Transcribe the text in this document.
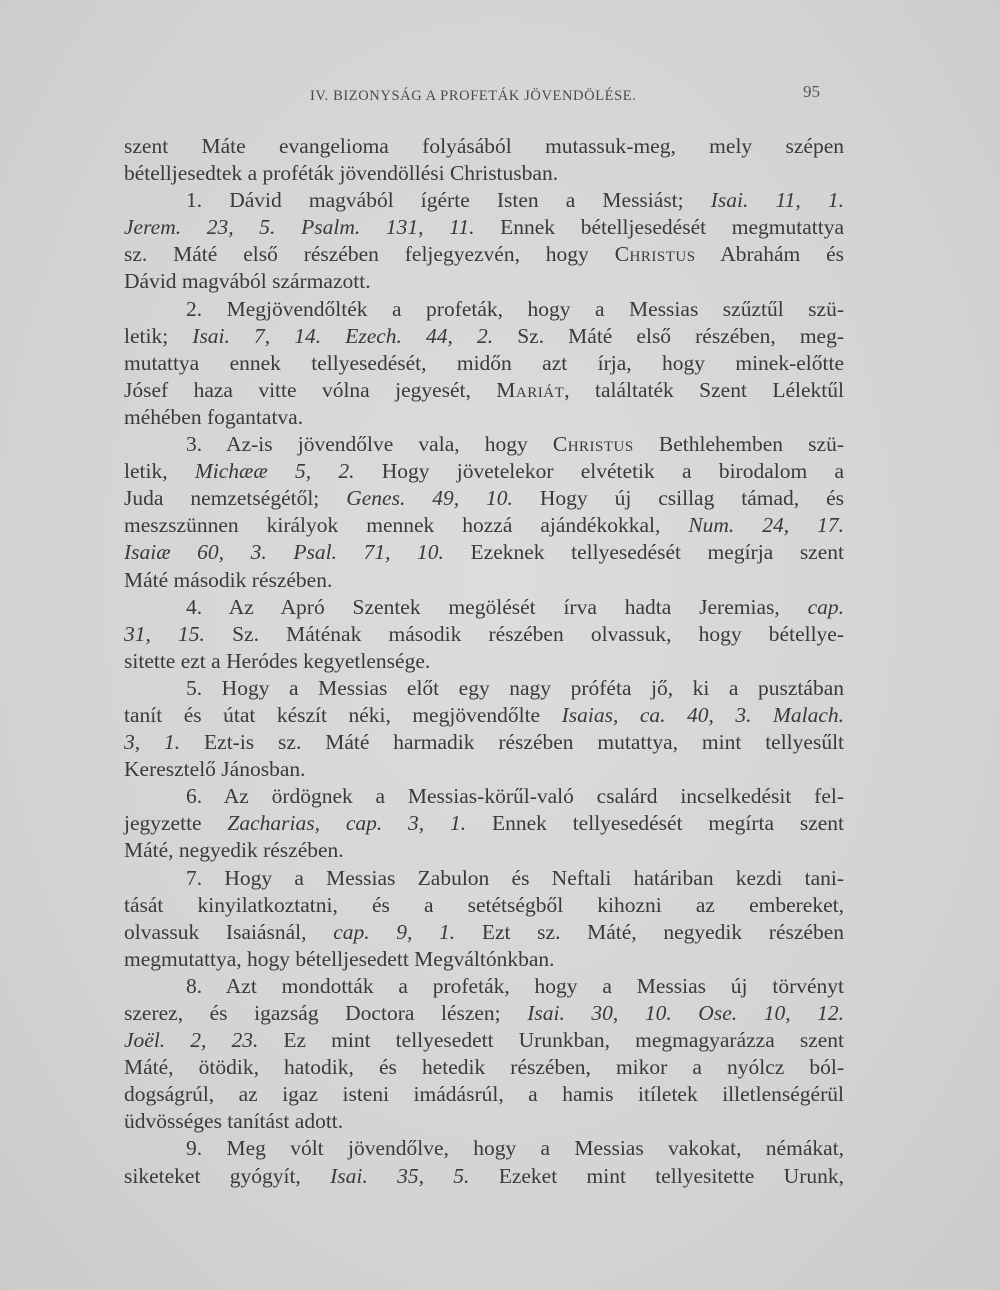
IV. BIZONYSÁG A PROFETÁK JÖVENDÖLÉSE.	95
szent Máte evangelioma folyásából mutassuk-meg, mely szépen
bételljesedtek a proféták jövendöllési Christusban.
1. Dávid magvából ígérte Isten a Messiást; Isai. 11, 1.
Jerem. 23, 5. Psalm. 131, 11. Ennek bételljesedését megmutattya
sz. Máté első részében feljegyezvén, hogy Christus Abrahám és
Dávid magvából származott.
2. Megjövendőlték a profeták, hogy a Messias szűztűl szü-
letik; Isai. 7, 14. Ezech. 44, 2. Sz. Máté első részében, meg-
mutattya ennek tellyesedését, midőn azt írja, hogy minek-előtte
Jósef haza vitte vólna jegyesét, Mariát, találtaték Szent Lélektűl
méhében fogantatva.
3. Az-is jövendőlve vala, hogy Christus Bethlehemben szü-
letik, Michææ 5, 2. Hogy jövetelekor elvétetik a birodalom a
Juda nemzetségétől; Genes. 49, 10. Hogy új csillag támad, és
meszszünnen királyok mennek hozzá ajándékokkal, Num. 24, 17.
Isaiæ 60, 3. Psal. 71, 10. Ezeknek tellyesedését megírja szent
Máté második részében.
4. Az Apró Szentek megölését írva hadta Jeremias, cap.
31, 15. Sz. Máténak második részében olvassuk, hogy bétellye-
sitette ezt a Heródes kegyetlensége.
5. Hogy a Messias előt egy nagy próféta jő, ki a pusztában
tanít és útat készít néki, megjövendőlte Isaias, ca. 40, 3. Malach.
3, 1. Ezt-is sz. Máté harmadik részében mutattya, mint tellyesűlt
Keresztelő Jánosban.
6. Az ördögnek a Messias-körűl-való csalárd incselkedésit fel-
jegyzette Zacharias, cap. 3, 1. Ennek tellyesedését megírta szent
Máté, negyedik részében.
7. Hogy a Messias Zabulon és Neftali határiban kezdi tani-
tását kinyilatkoztatni, és a setétségből kihozni az embereket,
olvassuk Isaiásnál, cap. 9, 1. Ezt sz. Máté, negyedik részében
megmutattya, hogy bételljesedett Megváltónkban.
8. Azt mondották a profeták, hogy a Messias új törvényt
szerez, és igazság Doctora lészen; Isai. 30, 10. Ose. 10, 12.
Joël. 2, 23. Ez mint tellyesedett Urunkban, megmagyarázza szent
Máté, ötödik, hatodik, és hetedik részében, mikor a nyólcz ból-
dogságrúl, az igaz isteni imádásrúl, a hamis itíletek illetlenségérül
üdvösséges tanítást adott.
9. Meg vólt jövendőlve, hogy a Messias vakokat, némákat,
siketeket gyógyít, Isai. 35, 5. Ezeket mint tellyesitette Urunk,
